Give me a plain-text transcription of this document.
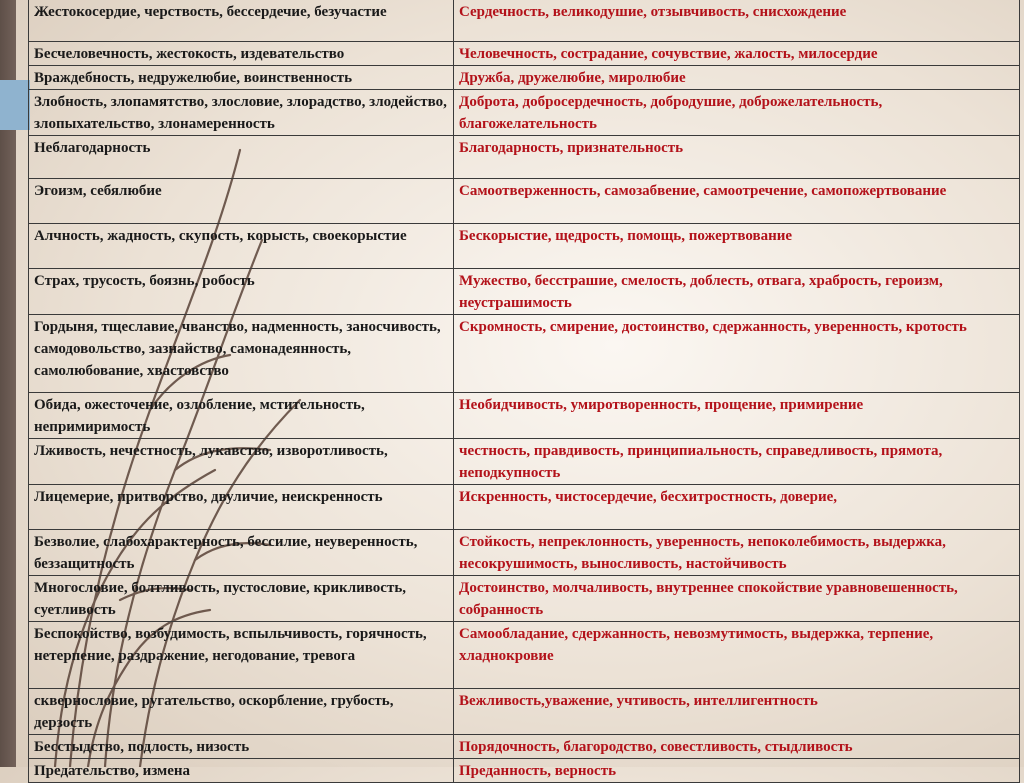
Жестокосердие, черствость, бессердечие, безучастие	Сердечность, великодушие, отзывчивость, снисхождение
Бесчеловечность, жестокость, издевательство	Человечность, сострадание, сочувствие, жалость, милосердие
Враждебность, недружелюбие, воинственность	Дружба, дружелюбие, миролюбие
Злобность, злопамятство, злословие, злорадство, злодейство, злопыхательство, злонамеренность	Доброта, добросердечность, добродушие, доброжелательность, благожелательность
Неблагодарность	Благодарность, признательность
Эгоизм, себялюбие	Самоотверженность, самозабвение, самоотречение, самопожертвование
Алчность, жадность, скупость, корысть, своекорыстие	Бескорыстие, щедрость, помощь, пожертвование
Страх, трусость, боязнь, робость	Мужество, бесстрашие, смелость, доблесть, отвага, храбрость, героизм, неустрашимость
Гордыня, тщеславие, чванство, надменность, заносчивость, самодовольство, зазнайство, самонадеянность, самолюбование, хвастовство	Скромность, смирение, достоинство, сдержанность, уверенность, кротость
Обида, ожесточение, озлобление, мстительность, непримиримость	Необидчивость, умиротворенность, прощение, примирение
Лживость, нечестность, лукавство, изворотливость,	честность, правдивость, принципиальность, справедливость, прямота, неподкупность
Лицемерие, притворство, двуличие, неискренность	Искренность, чистосердечие, бесхитростность, доверие,
Безволие, слабохарактерность, бессилие, неуверенность, беззащитность	Стойкость, непреклонность, уверенность, непоколебимость, выдержка, несокрушимость, выносливость, настойчивость
Многословие, болтливость, пустословие, крикливость, суетливость	Достоинство, молчаливость, внутреннее спокойствие уравновешенность, собранность
Беспокойство, возбудимость, вспыльчивость, горячность, нетерпение, раздражение, негодование, тревога	Самообладание, сдержанность, невозмутимость, выдержка, терпение, хладнокровие
сквернословие, ругательство, оскорбление, грубость, дерзость	Вежливость,уважение, учтивость, интеллигентность
Бесстыдство, подлость, низость	Порядочность, благородство, совестливость, стыдливость
Предательство, измена	Преданность, верность
